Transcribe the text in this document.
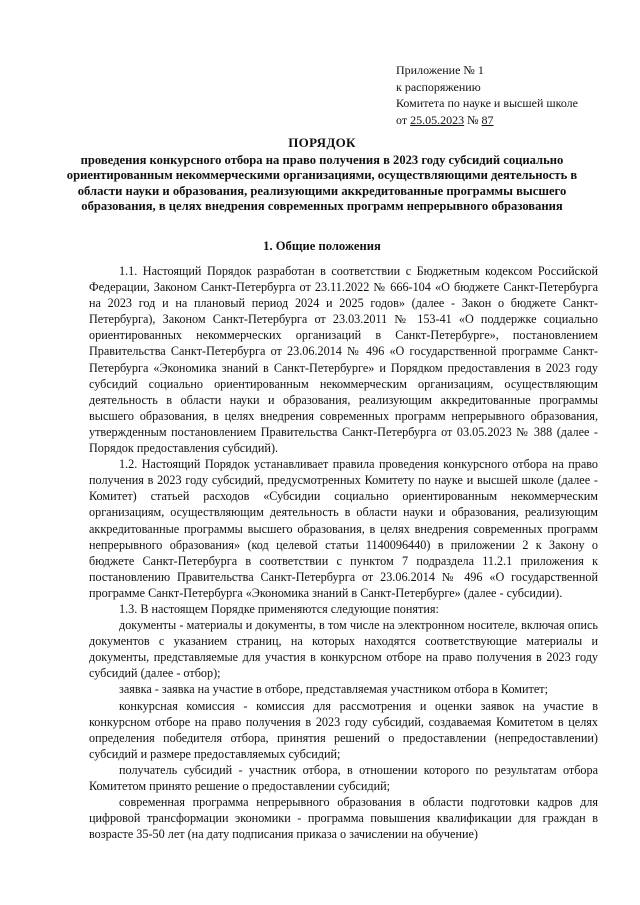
Приложение № 1
к распоряжению
Комитета по науке и высшей школе
от 25.05.2023 № 87
ПОРЯДОК
проведения конкурсного отбора на право получения в 2023 году субсидий социально ориентированным некоммерческими организациями, осуществляющими деятельность в области науки и образования, реализующими аккредитованные программы высшего образования, в целях внедрения современных программ непрерывного образования
1. Общие положения

1.1. Настоящий Порядок разработан в соответствии с Бюджетным кодексом Российской Федерации, Законом Санкт-Петербурга от 23.11.2022 № 666-104 «О бюджете Санкт-Петербурга на 2023 год и на плановый период 2024 и 2025 годов» (далее - Закон о бюджете Санкт-Петербурга), Законом Санкт-Петербурга от 23.03.2011 № 153-41 «О поддержке социально ориентированных некоммерческих организаций в Санкт-Петербурге», постановлением Правительства Санкт-Петербурга от 23.06.2014 № 496 «О государственной программе Санкт-Петербурга «Экономика знаний в Санкт-Петербурге» и Порядком предоставления в 2023 году субсидий социально ориентированным некоммерческим организациям, осуществляющим деятельность в области науки и образования, реализующим аккредитованные программы высшего образования, в целях внедрения современных программ непрерывного образования, утвержденным постановлением Правительства Санкт-Петербурга от 03.05.2023 № 388 (далее - Порядок предоставления субсидий).

1.2. Настоящий Порядок устанавливает правила проведения конкурсного отбора на право получения в 2023 году субсидий, предусмотренных Комитету по науке и высшей школе (далее - Комитет) статьей расходов «Субсидии социально ориентированным некоммерческим организациям, осуществляющим деятельность в области науки и образования, реализующим аккредитованные программы высшего образования, в целях внедрения современных программ непрерывного образования» (код целевой статьи 1140096440) в приложении 2 к Закону о бюджете Санкт-Петербурга в соответствии с пунктом 7 подраздела 11.2.1 приложения к постановлению Правительства Санкт-Петербурга от 23.06.2014 № 496 «О государственной программе Санкт-Петербурга «Экономика знаний в Санкт-Петербурге» (далее - субсидии).

1.3. В настоящем Порядке применяются следующие понятия:

документы - материалы и документы, в том числе на электронном носителе, включая опись документов с указанием страниц, на которых находятся соответствующие материалы и документы, представляемые для участия в конкурсном отборе на право получения в 2023 году субсидий (далее - отбор);

заявка - заявка на участие в отборе, представляемая участником отбора в Комитет;

конкурсная комиссия - комиссия для рассмотрения и оценки заявок на участие в конкурсном отборе на право получения в 2023 году субсидий, создаваемая Комитетом в целях определения победителя отбора, принятия решений о предоставлении (непредоставлении) субсидий и размере предоставляемых субсидий;

получатель субсидий - участник отбора, в отношении которого по результатам отбора Комитетом принято решение о предоставлении субсидий;

современная программа непрерывного образования в области подготовки кадров для цифровой трансформации экономики - программа повышения квалификации для граждан в возрасте 35-50 лет (на дату подписания приказа о зачислении на обучение)
